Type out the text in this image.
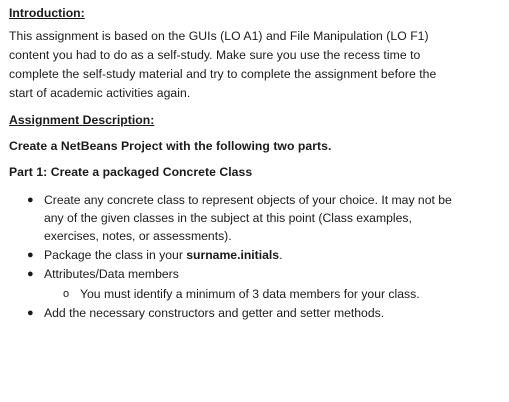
Introduction:
This assignment is based on the GUIs (LO A1) and File Manipulation (LO F1)
content you had to do as a self-study. Make sure you use the recess time to
complete the self-study material and try to complete the assignment before the
start of academic activities again.
Assignment Description:
Create a NetBeans Project with the following two parts.
Part 1: Create a packaged Concrete Class
● Create any concrete class to represent objects of your choice. It may not be
any of the given classes in the subject at this point (Class examples,
exercises, notes, or assessments).
● Package the class in your surname.initials.
● Attributes/Data members
o You must identify a minimum of 3 data members for your class.
● Add the necessary constructors and getter and setter methods.
